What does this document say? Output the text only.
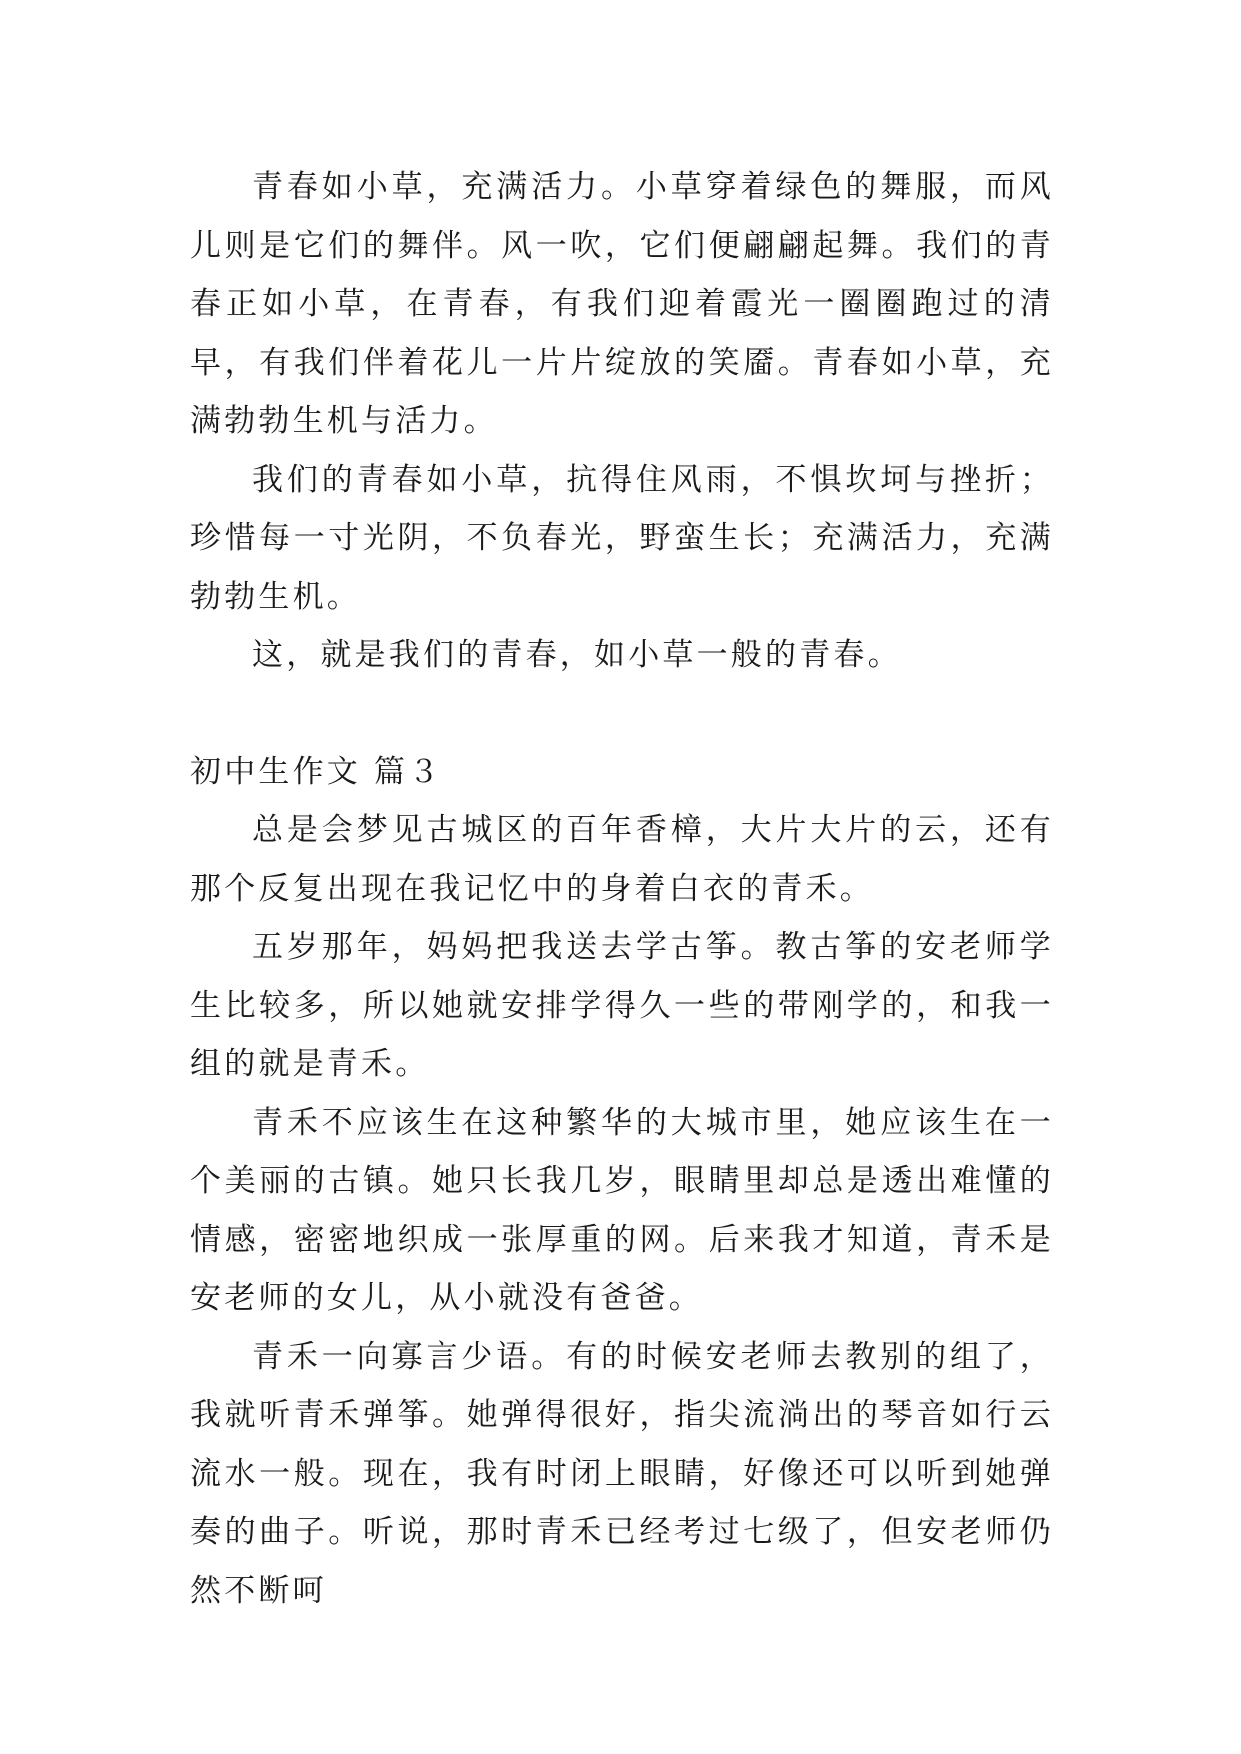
青春如小草，充满活力。小草穿着绿色的舞服，而风儿则是它们的舞伴。风一吹，它们便翩翩起舞。我们的青春正如小草，在青春，有我们迎着霞光一圈圈跑过的清早，有我们伴着花儿一片片绽放的笑靥。青春如小草，充满勃勃生机与活力。

我们的青春如小草，抗得住风雨，不惧坎坷与挫折；珍惜每一寸光阴，不负春光，野蛮生长；充满活力，充满勃勃生机。

这，就是我们的青春，如小草一般的青春。

初中生作文 篇３

总是会梦见古城区的百年香樟，大片大片的云，还有那个反复出现在我记忆中的身着白衣的青禾。

五岁那年，妈妈把我送去学古筝。教古筝的安老师学生比较多，所以她就安排学得久一些的带刚学的，和我一组的就是青禾。

青禾不应该生在这种繁华的大城市里，她应该生在一个美丽的古镇。她只长我几岁，眼睛里却总是透出难懂的情感，密密地织成一张厚重的网。后来我才知道，青禾是安老师的女儿，从小就没有爸爸。

青禾一向寡言少语。有的时候安老师去教别的组了，我就听青禾弹筝。她弹得很好，指尖流淌出的琴音如行云流水一般。现在，我有时闭上眼睛，好像还可以听到她弹奏的曲子。听说，那时青禾已经考过七级了，但安老师仍然不断呵
